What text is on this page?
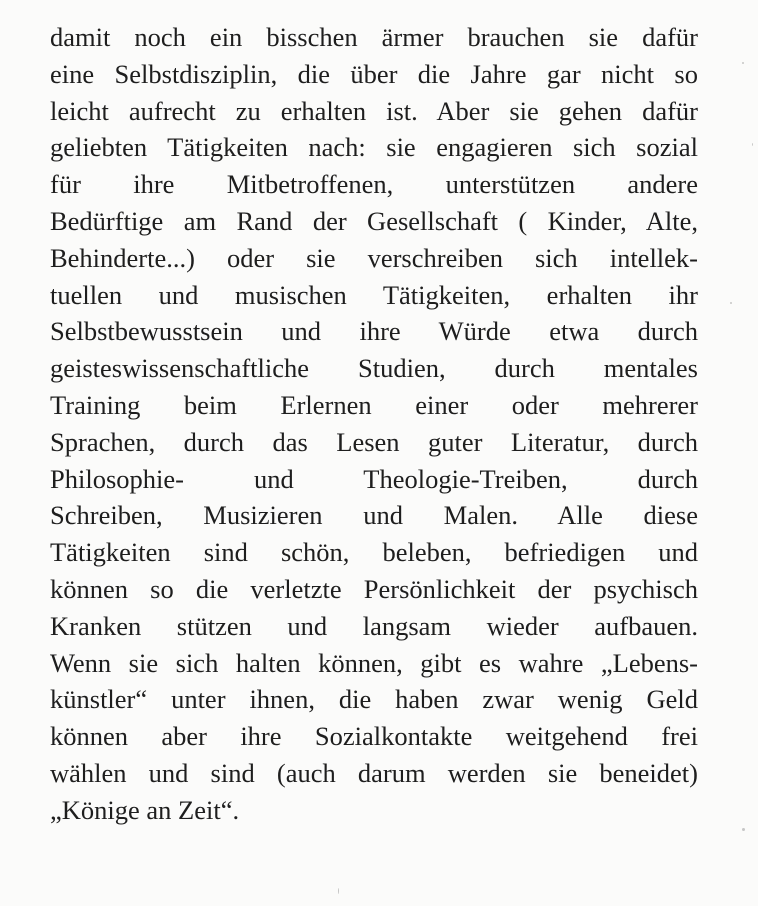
damit noch ein bisschen ärmer brauchen sie dafür
eine Selbstdisziplin, die über die Jahre gar nicht so
leicht aufrecht zu erhalten ist. Aber sie gehen dafür
geliebten Tätigkeiten nach: sie engagieren sich sozial
für ihre Mitbetroffenen, unterstützen andere
Bedürftige am Rand der Gesellschaft ( Kinder, Alte,
Behinderte...) oder sie verschreiben sich intellek-
tuellen und musischen Tätigkeiten, erhalten ihr
Selbstbewusstsein und ihre Würde etwa durch
geisteswissenschaftliche Studien, durch mentales
Training beim Erlernen einer oder mehrerer
Sprachen, durch das Lesen guter Literatur, durch
Philosophie- und Theologie-Treiben, durch
Schreiben, Musizieren und Malen. Alle diese
Tätigkeiten sind schön, beleben, befriedigen und
können so die verletzte Persönlichkeit der psychisch
Kranken stützen und langsam wieder aufbauen.
Wenn sie sich halten können, gibt es wahre „Lebens-
künstler“ unter ihnen, die haben zwar wenig Geld
können aber ihre Sozialkontakte weitgehend frei
wählen und sind (auch darum werden sie beneidet)
„Könige an Zeit“.
